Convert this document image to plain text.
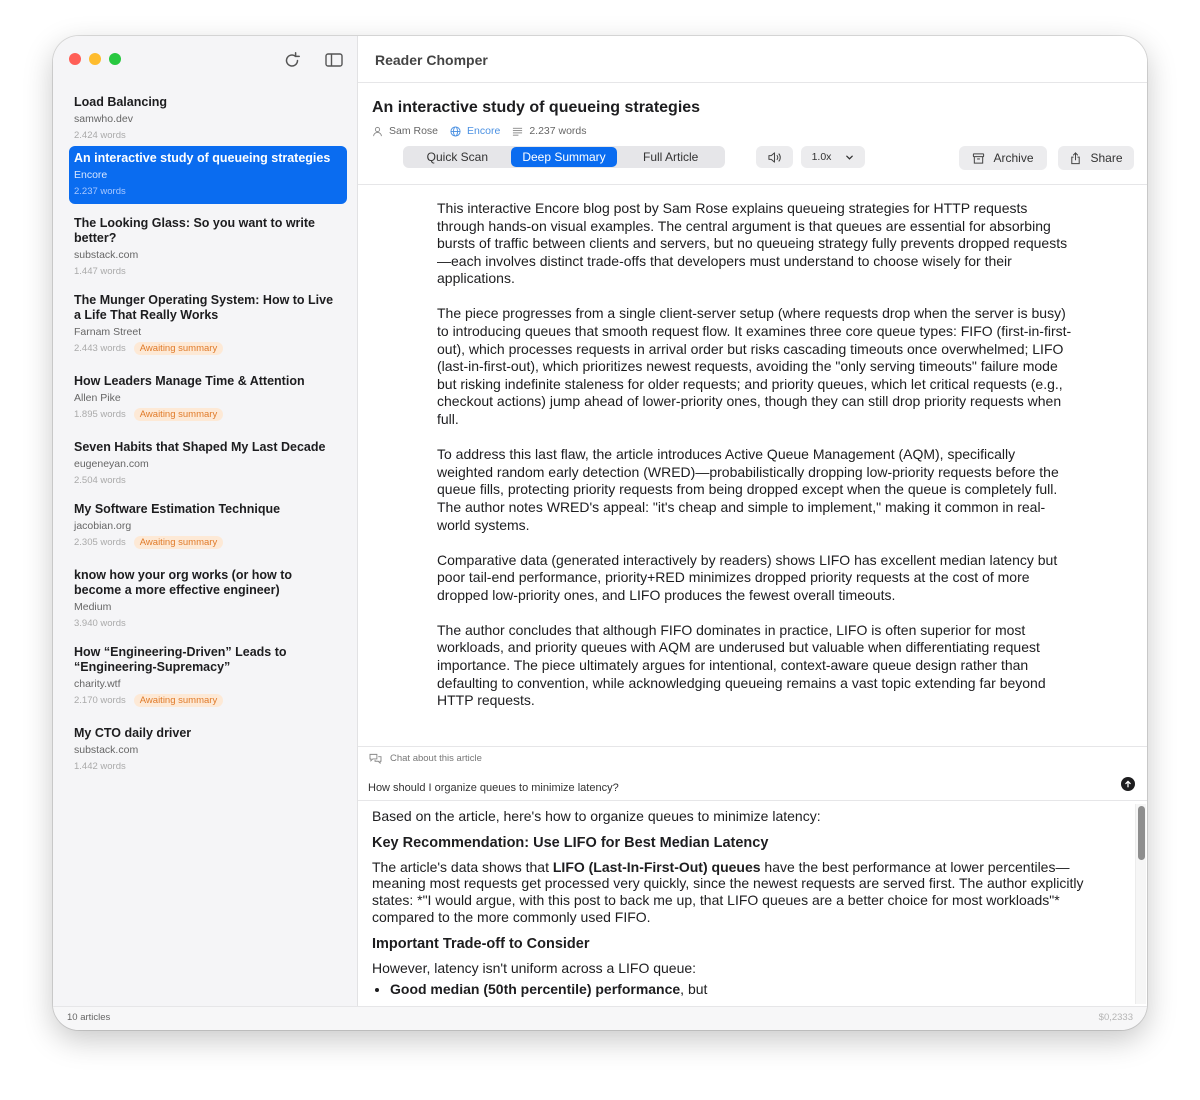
Load Balancing
samwho.dev
2.424 words
An interactive study of queueing strategies
Encore
2.237 words
The Looking Glass: So you want to write better?
substack.com
1.447 words
The Munger Operating System: How to Live a Life That Really Works
Farnam Street
2.443 words	Awaiting summary
How Leaders Manage Time & Attention
Allen Pike
1.895 words	Awaiting summary
Seven Habits that Shaped My Last Decade
eugeneyan.com
2.504 words
My Software Estimation Technique
jacobian.org
2.305 words	Awaiting summary
know how your org works (or how to become a more effective engineer)
Medium
3.940 words
How “Engineering-Driven” Leads to “Engineering-Supremacy”
charity.wtf
2.170 words	Awaiting summary
My CTO daily driver
substack.com
1.442 words
Reader Chomper
An interactive study of queueing strategies
Sam Rose	Encore	2.237 words
Quick Scan	Deep Summary	Full Article	1.0x	Archive	Share

This interactive Encore blog post by Sam Rose explains queueing strategies for HTTP requests through hands-on visual examples. The central argument is that queues are essential for absorbing bursts of traffic between clients and servers, but no queueing strategy fully prevents dropped requests—each involves distinct trade-offs that developers must understand to choose wisely for their applications.

The piece progresses from a single client-server setup (where requests drop when the server is busy) to introducing queues that smooth request flow. It examines three core queue types: FIFO (first-in-first-out), which processes requests in arrival order but risks cascading timeouts once overwhelmed; LIFO (last-in-first-out), which prioritizes newest requests, avoiding the "only serving timeouts" failure mode but risking indefinite staleness for older requests; and priority queues, which let critical requests (e.g., checkout actions) jump ahead of lower-priority ones, though they can still drop priority requests when full.

To address this last flaw, the article introduces Active Queue Management (AQM), specifically weighted random early detection (WRED)—probabilistically dropping low-priority requests before the queue fills, protecting priority requests from being dropped except when the queue is completely full. The author notes WRED's appeal: "it's cheap and simple to implement," making it common in real-world systems.

Comparative data (generated interactively by readers) shows LIFO has excellent median latency but poor tail-end performance, priority+RED minimizes dropped priority requests at the cost of more dropped low-priority ones, and LIFO produces the fewest overall timeouts.

The author concludes that although FIFO dominates in practice, LIFO is often superior for most workloads, and priority queues with AQM are underused but valuable when differentiating request importance. The piece ultimately argues for intentional, context-aware queue design rather than defaulting to convention, while acknowledging queueing remains a vast topic extending far beyond HTTP requests.

Chat about this article
How should I organize queues to minimize latency?
Based on the article, here's how to organize queues to minimize latency:
Key Recommendation: Use LIFO for Best Median Latency
The article's data shows that LIFO (Last-In-First-Out) queues have the best performance at lower percentiles—meaning most requests get processed very quickly, since the newest requests are served first. The author explicitly states: *"I would argue, with this post to back me up, that LIFO queues are a better choice for most workloads"* compared to the more commonly used FIFO.
Important Trade-off to Consider
However, latency isn't uniform across a LIFO queue:
• Good median (50th percentile) performance, but
10 articles	$0,2333
